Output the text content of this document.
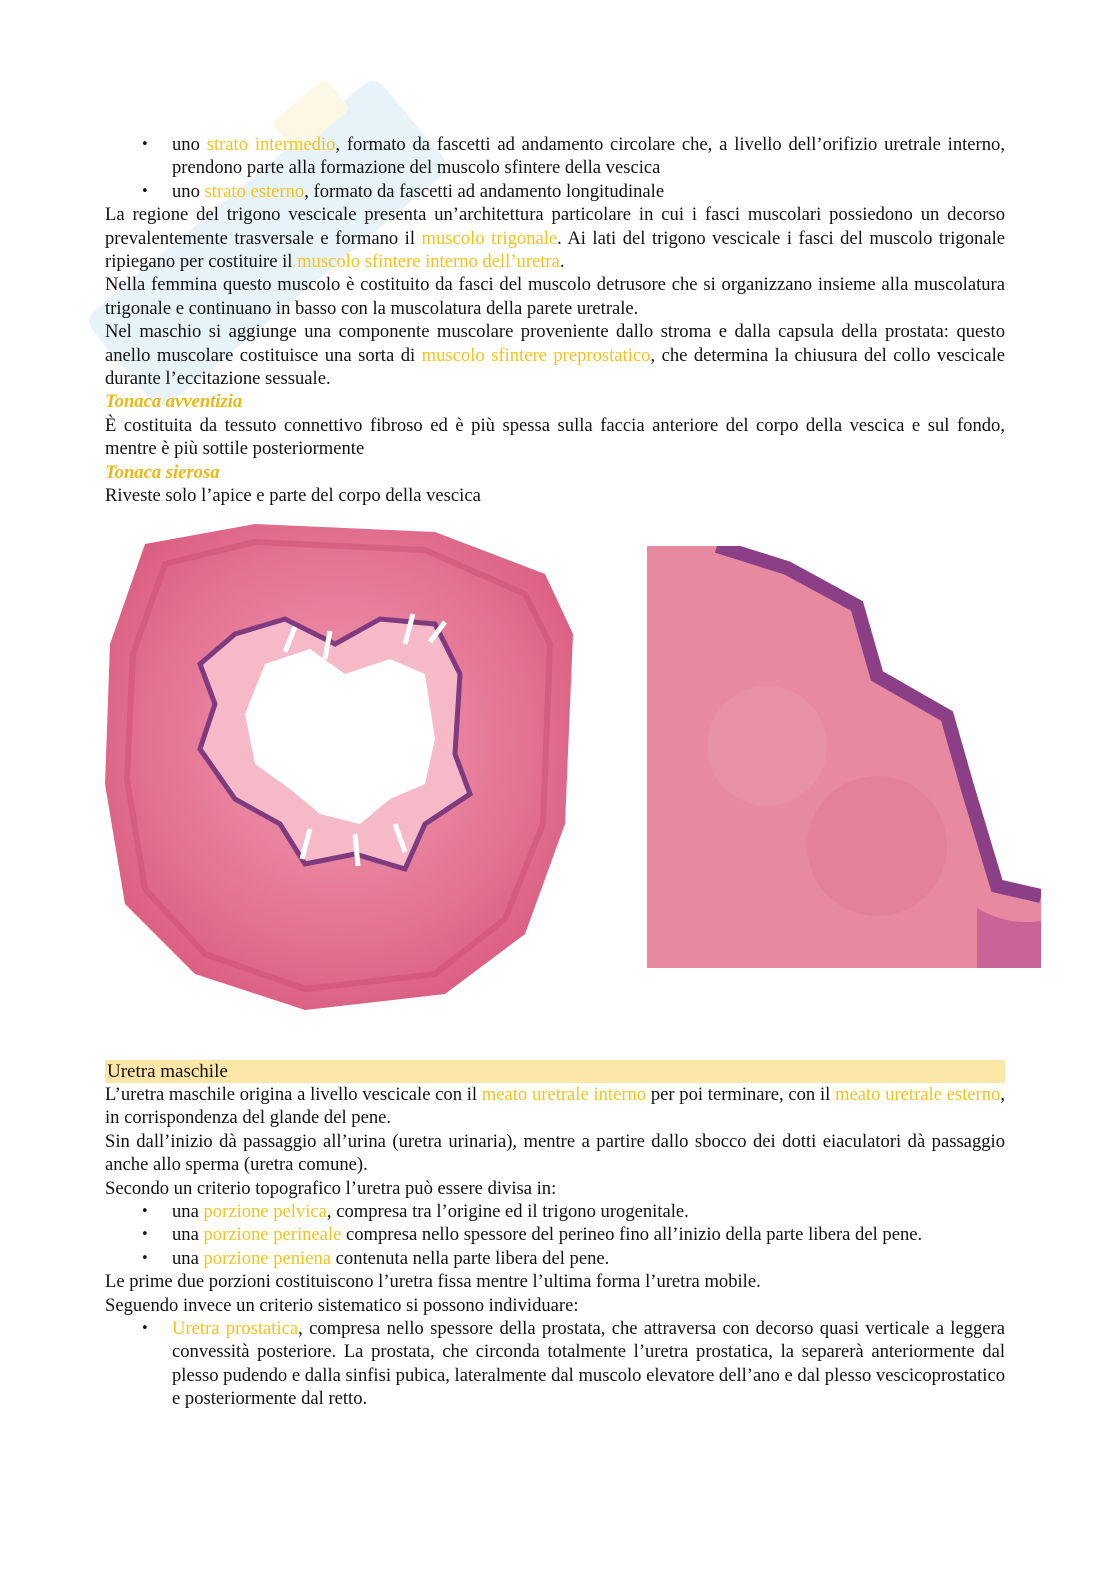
• uno strato intermedio, formato da fascetti ad andamento circolare che, a livello dell’orifizio uretrale interno, prendono parte alla formazione del muscolo sfintere della vescica
• uno strato esterno, formato da fascetti ad andamento longitudinale

La regione del trigono vescicale presenta un’architettura particolare in cui i fasci muscolari possiedono un decorso prevalentemente trasversale e formano il muscolo trigonale. Ai lati del trigono vescicale i fasci del muscolo trigonale ripiegano per costituire il muscolo sfintere interno dell’uretra.

Nella femmina questo muscolo è costituito da fasci del muscolo detrusore che si organizzano insieme alla muscolatura trigonale e continuano in basso con la muscolatura della parete uretrale.

Nel maschio si aggiunge una componente muscolare proveniente dallo stroma e dalla capsula della prostata: questo anello muscolare costituisce una sorta di muscolo sfintere preprostatico, che determina la chiusura del collo vescicale durante l’eccitazione sessuale.

Tonaca avventizia

È costituita da tessuto connettivo fibroso ed è più spessa sulla faccia anteriore del corpo della vescica e sul fondo, mentre è più sottile posteriormente

Tonaca sierosa

Riveste solo l’apice e parte del corpo della vescica

Uretra maschile

L’uretra maschile origina a livello vescicale con il meato uretrale interno per poi terminare, con il meato uretrale esterno, in corrispondenza del glande del pene.

Sin dall’inizio dà passaggio all’urina (uretra urinaria), mentre a partire dallo sbocco dei dotti eiaculatori dà passaggio anche allo sperma (uretra comune).

Secondo un criterio topografico l’uretra può essere divisa in:

• una porzione pelvica, compresa tra l’origine ed il trigono urogenitale.
• una porzione perineale compresa nello spessore del perineo fino all’inizio della parte libera del pene.
• una porzione peniena contenuta nella parte libera del pene.

Le prime due porzioni costituiscono l’uretra fissa mentre l’ultima forma l’uretra mobile.

Seguendo invece un criterio sistematico si possono individuare:

• Uretra prostatica, compresa nello spessore della prostata, che attraversa con decorso quasi verticale a leggera convessità posteriore. La prostata, che circonda totalmente l’uretra prostatica, la separerà anteriormente dal plesso pudendo e dalla sinfisi pubica, lateralmente dal muscolo elevatore dell’ano e dal plesso vescicoprostatico e posteriormente dal retto.
